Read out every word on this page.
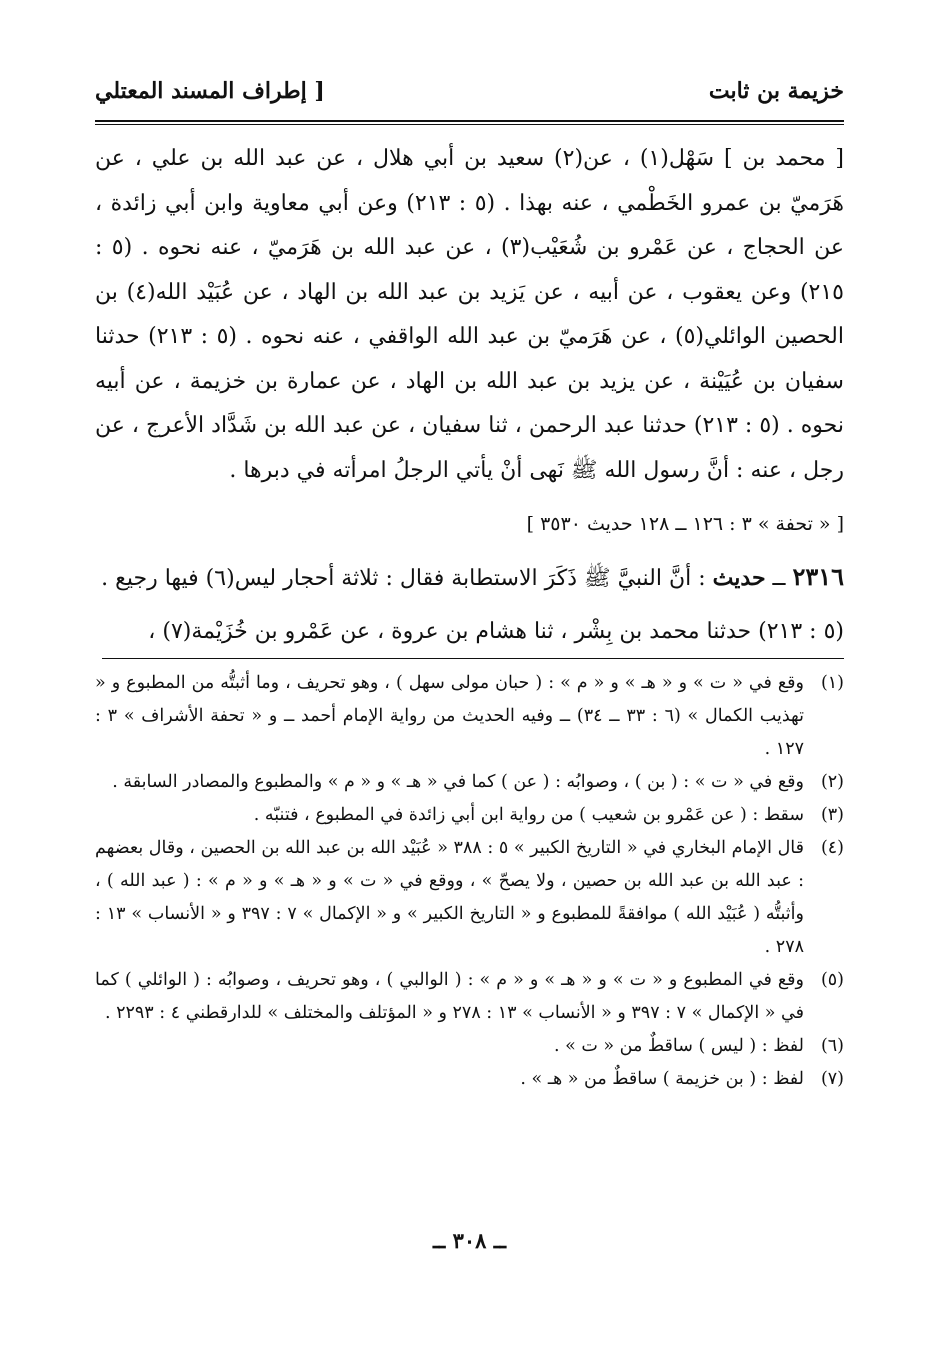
خزيمة بن ثابت
[ إطراف المسند المعتلي

[ محمد بن ] سَهْل(١) ، عن(٢) سعيد بن أبي هلال ، عن عبد الله بن علي ، عن هَرَميّ بن عمرو الخَطْمي ، عنه بهذا . (٥ : ٢١٣) وعن أبي معاوية وابن أبي زائدة ، عن الحجاج ، عن عَمْرو بن شُعَيْب(٣) ، عن عبد الله بن هَرَميّ ، عنه نحوه . (٥ : ٢١٥) وعن يعقوب ، عن أبيه ، عن يَزيد بن عبد الله بن الهاد ، عن عُبَيْد الله(٤) بن الحصين الوائلي(٥) ، عن هَرَميّ بن عبد الله الواقفي ، عنه نحوه . (٥ : ٢١٣) حدثنا سفيان بن عُيَيْنة ، عن يزيد بن عبد الله بن الهاد ، عن عمارة بن خزيمة ، عن أبيه نحوه . (٥ : ٢١٣) حدثنا عبد الرحمن ، ثنا سفيان ، عن عبد الله بن شَدَّاد الأعرج ، عن رجل ، عنه : أنَّ رسول الله ﷺ نَهى أنْ يأتي الرجلُ امرأته في دبرها .

[ « تحفة » ٣ : ١٢٦ ــ ١٢٨ حديث ٣٥٣٠ ]
٢٣١٦ ــ حديث : أنَّ النبيَّ ﷺ ذَكَرَ الاستطابة فقال : ثلاثة أحجار ليس(٦) فيها رجيع .
(٥ : ٢١٣) حدثنا محمد بن بِشْر ، ثنا هشام بن عروة ، عن عَمْرو بن خُزَيْمة(٧) ،
(١)
وقع في « ت » و « هـ » و « م » : ( حبان مولى سهل ) ، وهو تحريف ، وما أثبتُّه من المطبوع و « تهذيب الكمال » (٦ : ٣٣ ــ ٣٤) ــ وفيه الحديث من رواية الإمام أحمد ــ و « تحفة الأشراف » ٣ : ١٢٧ .
(٢)
وقع في « ت » : ( بن ) ، وصوابُه : ( عن ) كما في « هـ » و « م » والمطبوع والمصادر السابقة .
(٣)
سقط : ( عن عَمْرو بن شعيب ) من رواية ابن أبي زائدة في المطبوع ، فتنبّه .
(٤)
قال الإمام البخاري في « التاريخ الكبير » ٥ : ٣٨٨ « عُبَيْد الله بن عبد الله بن الحصين ، وقال بعضهم : عبد الله بن عبد الله بن حصين ، ولا يصحّ » ، ووقع في « ت » و « هـ » و « م » : ( عبد الله ) ، وأثبتُّه ( عُبَيْد الله ) موافقةً للمطبوع و « التاريخ الكبير » و « الإكمال » ٧ : ٣٩٧ و « الأنساب » ١٣ : ٢٧٨ .
(٥)
وقع في المطبوع و « ت » و « هـ » و « م » : ( الوالبي ) ، وهو تحريف ، وصوابُه : ( الوائلي ) كما في « الإكمال » ٧ : ٣٩٧ و « الأنساب » ١٣ : ٢٧٨ و « المؤتلف والمختلف » للدارقطني ٤ : ٢٢٩٣ .
(٦)
لفظ : ( ليس ) ساقطٌ من « ت » .
(٧)
لفظ : ( بن خزيمة ) ساقطٌ من « هـ » .
ــ ٣٠٨ ــ
